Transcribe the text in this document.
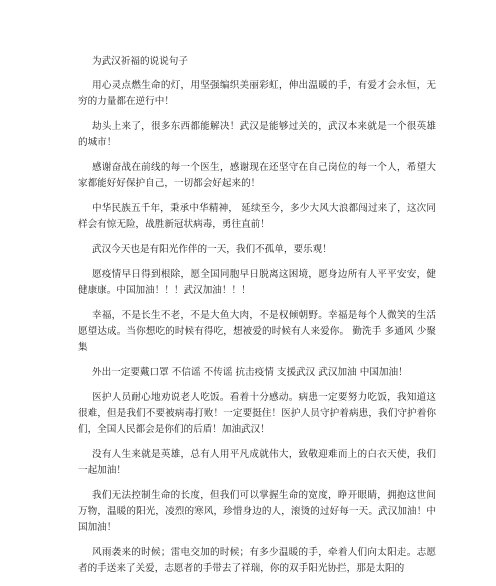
为武汉祈福的说说句子

用心灵点燃生命的灯，用坚强编织美丽彩虹，伸出温暖的手，有爱才会永恒，无穷的力量都在逆行中！

劫头上来了，很多东西都能解决！武汉是能够过关的，武汉本来就是一个很英雄的城市！

感谢奋战在前线的每一个医生，感谢现在还坚守在自己岗位的每一个人，希望大家都能好好保护自己，一切都会好起来的！

中华民族五千年，秉承中华精神， 延续至今，多少大风大浪都闯过来了，这次同样会有惊无险，战胜新冠状病毒，勇往直前！

武汉今天也是有阳光作伴的一天，我们不孤单，要乐观！

愿疫情早日得到根除，愿全国同胞早日脱离这困境，愿身边所有人平平安安，健健康康。中国加油！！！武汉加油！！！

幸福，不是长生不老，不是大鱼大肉，不是权倾朝野。幸福是每个人微笑的生活愿望达成。当你想吃的时候有得吃，想被爱的时候有人来爱你。 勤洗手 多通风 少聚集

外出一定要戴口罩 不信谣 不传谣 抗击疫情 支援武汉 武汉加油 中国加油！

医护人员耐心地劝说老人吃饭。看着十分感动。病患一定要努力吃饭，我知道这很难，但是我们不要被病毒打败！一定要挺住！医护人员守护着病患，我们守护着你们，全国人民都会是你们的后盾！加油武汉！

没有人生来就是英雄，总有人用平凡成就伟大，致敬迎难而上的白衣天使，我们一起加油！

我们无法控制生命的长度，但我们可以掌握生命的宽度，睁开眼睛，拥抱这世间万物，温暖的阳光，凌烈的寒风，珍惜身边的人，滚烫的过好每一天。武汉加油！中国加油！

风雨袭来的时候；雷电交加的时候；有多少温暖的手，牵着人们向太阳走。志愿者的手送来了关爱，志愿者的手带去了祥瑞，你的双手阳光协拦，那是太阳的
